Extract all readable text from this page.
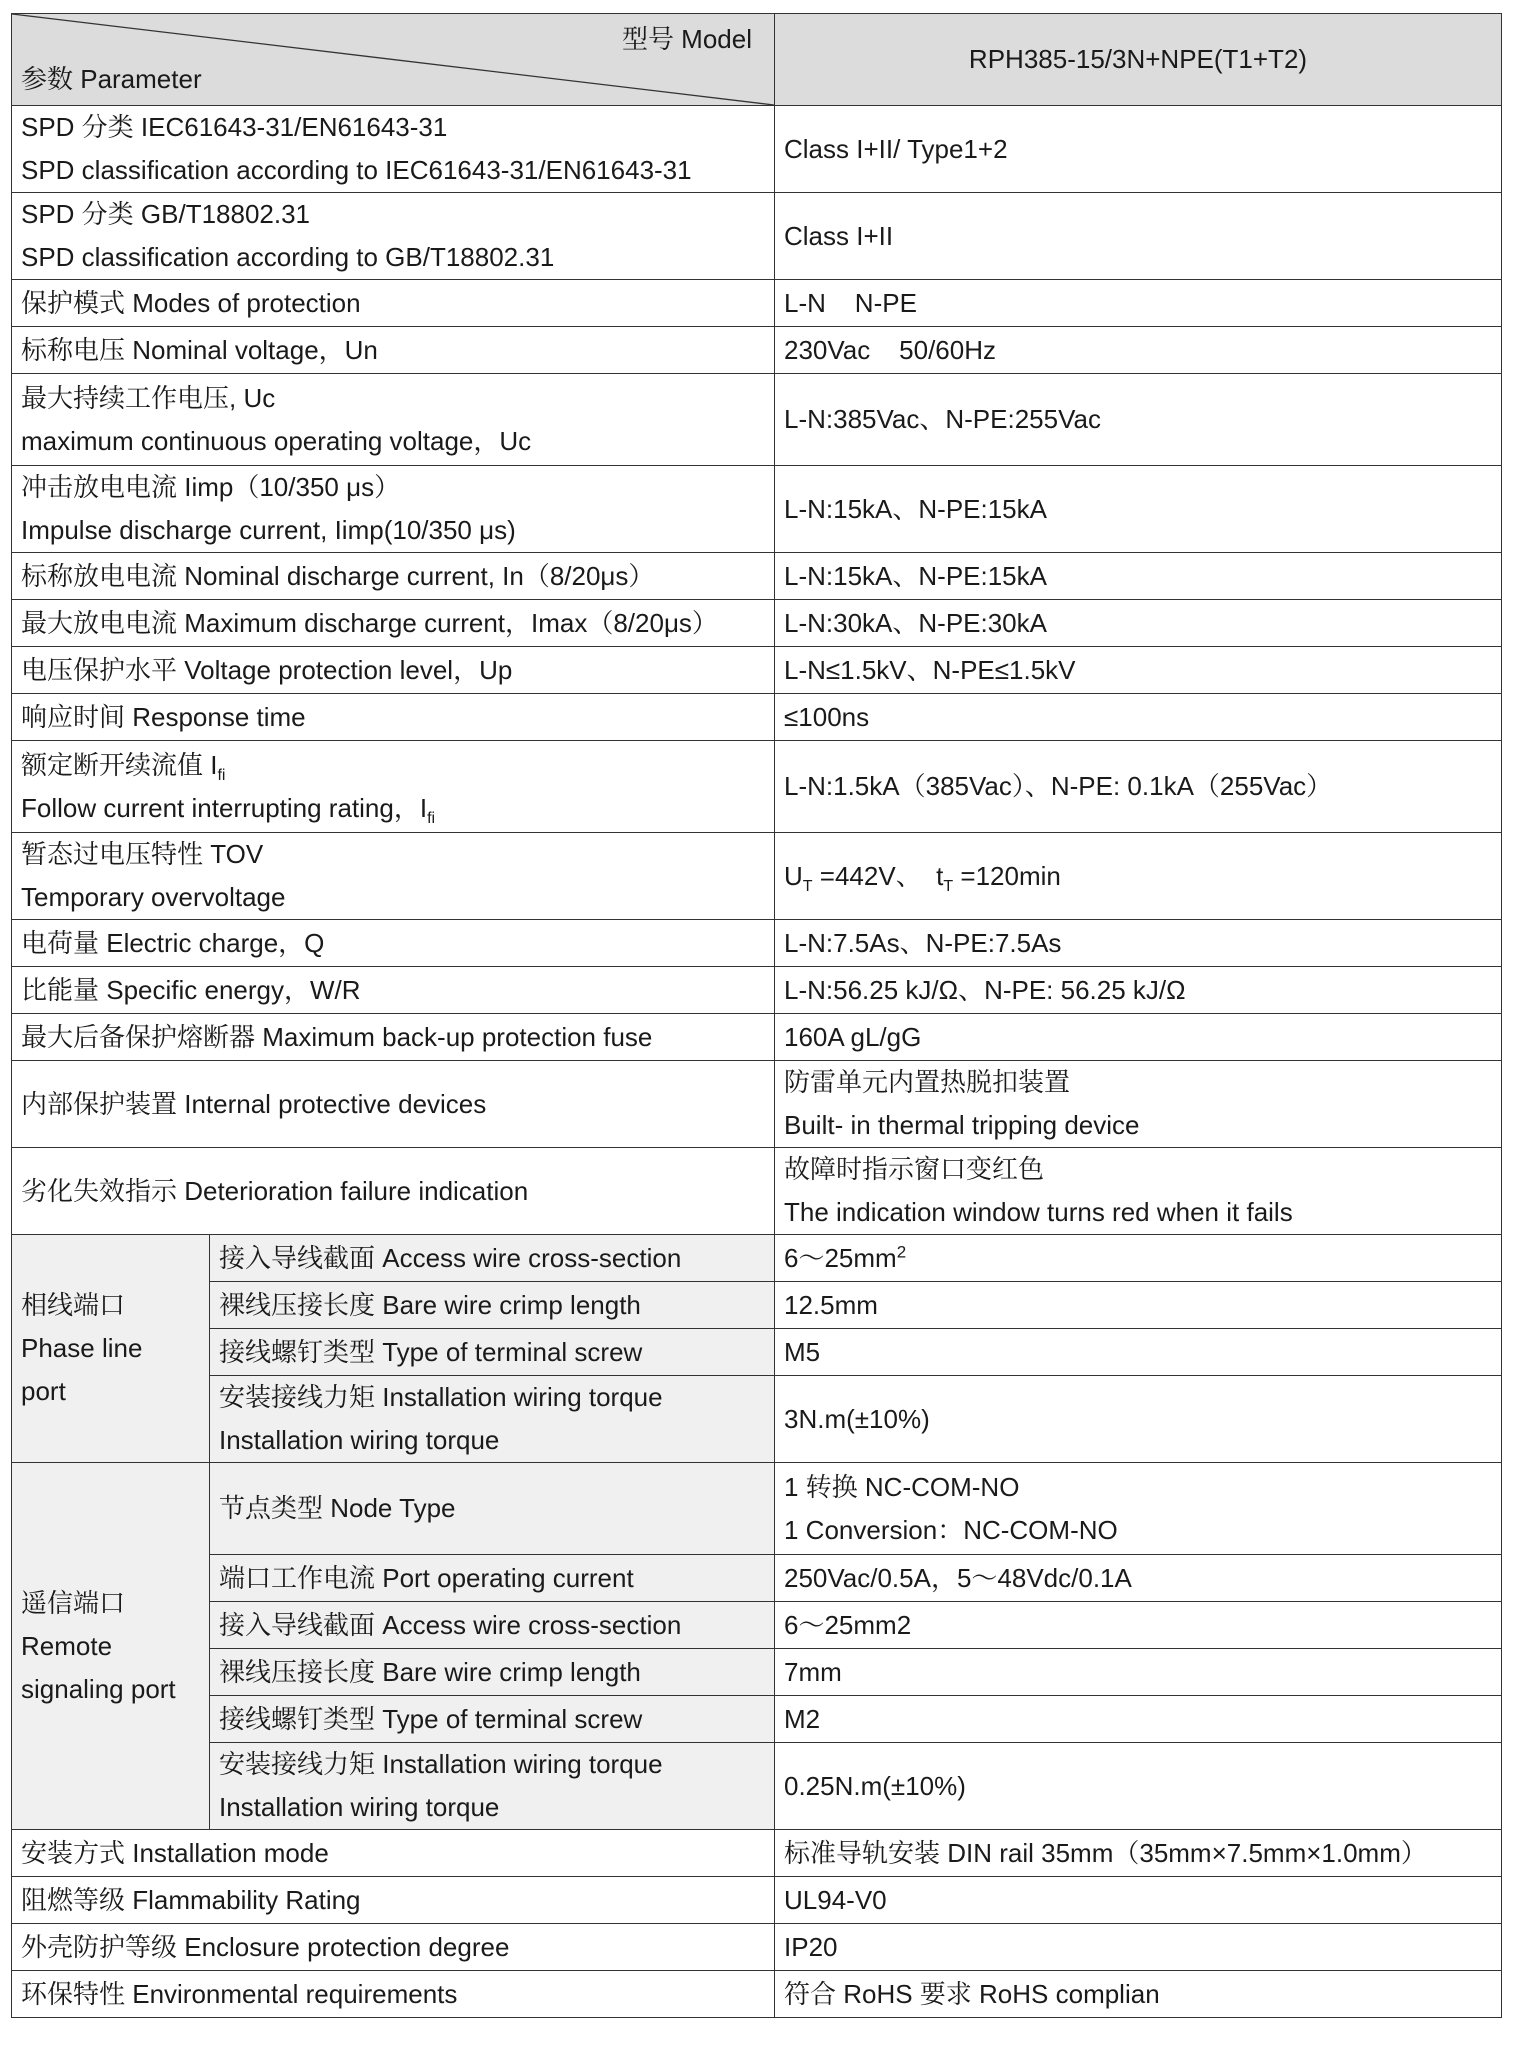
型号 Model
参数 Parameter		RPH385-15/3N+NPE(T1+T2)

SPD 分类 IEC61643-31/EN61643-31
SPD classification according to IEC61643-31/EN61643-31		Class I+II/ Type1+2

SPD 分类 GB/T18802.31
SPD classification according to GB/T18802.31		Class I+II
保护模式 Modes of protection		L-N    N-PE
标称电压 Nominal voltage，Un		230Vac    50/60Hz

最大持续工作电压, Uc
maximum continuous operating voltage，Uc		L-N:385Vac、N-PE:255Vac

冲击放电电流 Iimp（10/350 μs）
Impulse discharge current, Iimp(10/350 μs)		L-N:15kA、N-PE:15kA
标称放电电流 Nominal discharge current, In（8/20μs）		L-N:15kA、N-PE:15kA
最大放电电流 Maximum discharge current，Imax（8/20μs）		L-N:30kA、N-PE:30kA
电压保护水平 Voltage protection level，Up		L-N≤1.5kV、N-PE≤1.5kV
响应时间 Response time		≤100ns

额定断开续流值 $I_{fi}$
Follow current interrupting rating，$I_{fi}$		L-N:1.5kA（385Vac）、N-PE: 0.1kA（255Vac）

暂态过电压特性 TOV
Temporary overvoltage		$U_T =442V$、  $t_T =120\min$
电荷量 Electric charge，Q		L-N:7.5As、N-PE:7.5As
比能量 Specific energy，W/R		L-N:56.25 kJ/Ω、N-PE: 56.25 kJ/Ω
最大后备保护熔断器 Maximum back-up protection fuse		160A gL/gG
内部保护装置 Internal protective devices		防雷单元内置热脱扣装置
Built- in thermal tripping device

劣化失效指示 Deterioration failure indication		故障时指示窗口变红色
The indication window turns red when it fails

相线端口
Phase line
port	接入导线截面 Access wire cross-section	$6\sim 25mm^2$
	裸线压接长度 Bare wire crimp length	12.5mm
	接线螺钉类型 Type of terminal screw	M5

	安装接线力矩 Installation wiring torque
Installation wiring torque	3N.m(±10%)

遥信端口
Remote
signaling port	节点类型 Node Type	1 转换 NC-COM-NO
1 Conversion：NC-COM-NO

	端口工作电流 Port operating current	250Vac/0.5A，5～48Vdc/0.1A
	接入导线截面 Access wire cross-section	6～25mm2
	裸线压接长度 Bare wire crimp length	7mm
	接线螺钉类型 Type of terminal screw	M2

	安装接线力矩 Installation wiring torque
Installation wiring torque	0.25N.m(±10%)
安装方式 Installation mode		标准导轨安装 DIN rail 35mm（35mm×7.5mm×1.0mm）
阻燃等级 Flammability Rating		UL94-V0
外壳防护等级 Enclosure protection degree		IP20
环保特性 Environmental requirements		符合 RoHS 要求 RoHS complian
